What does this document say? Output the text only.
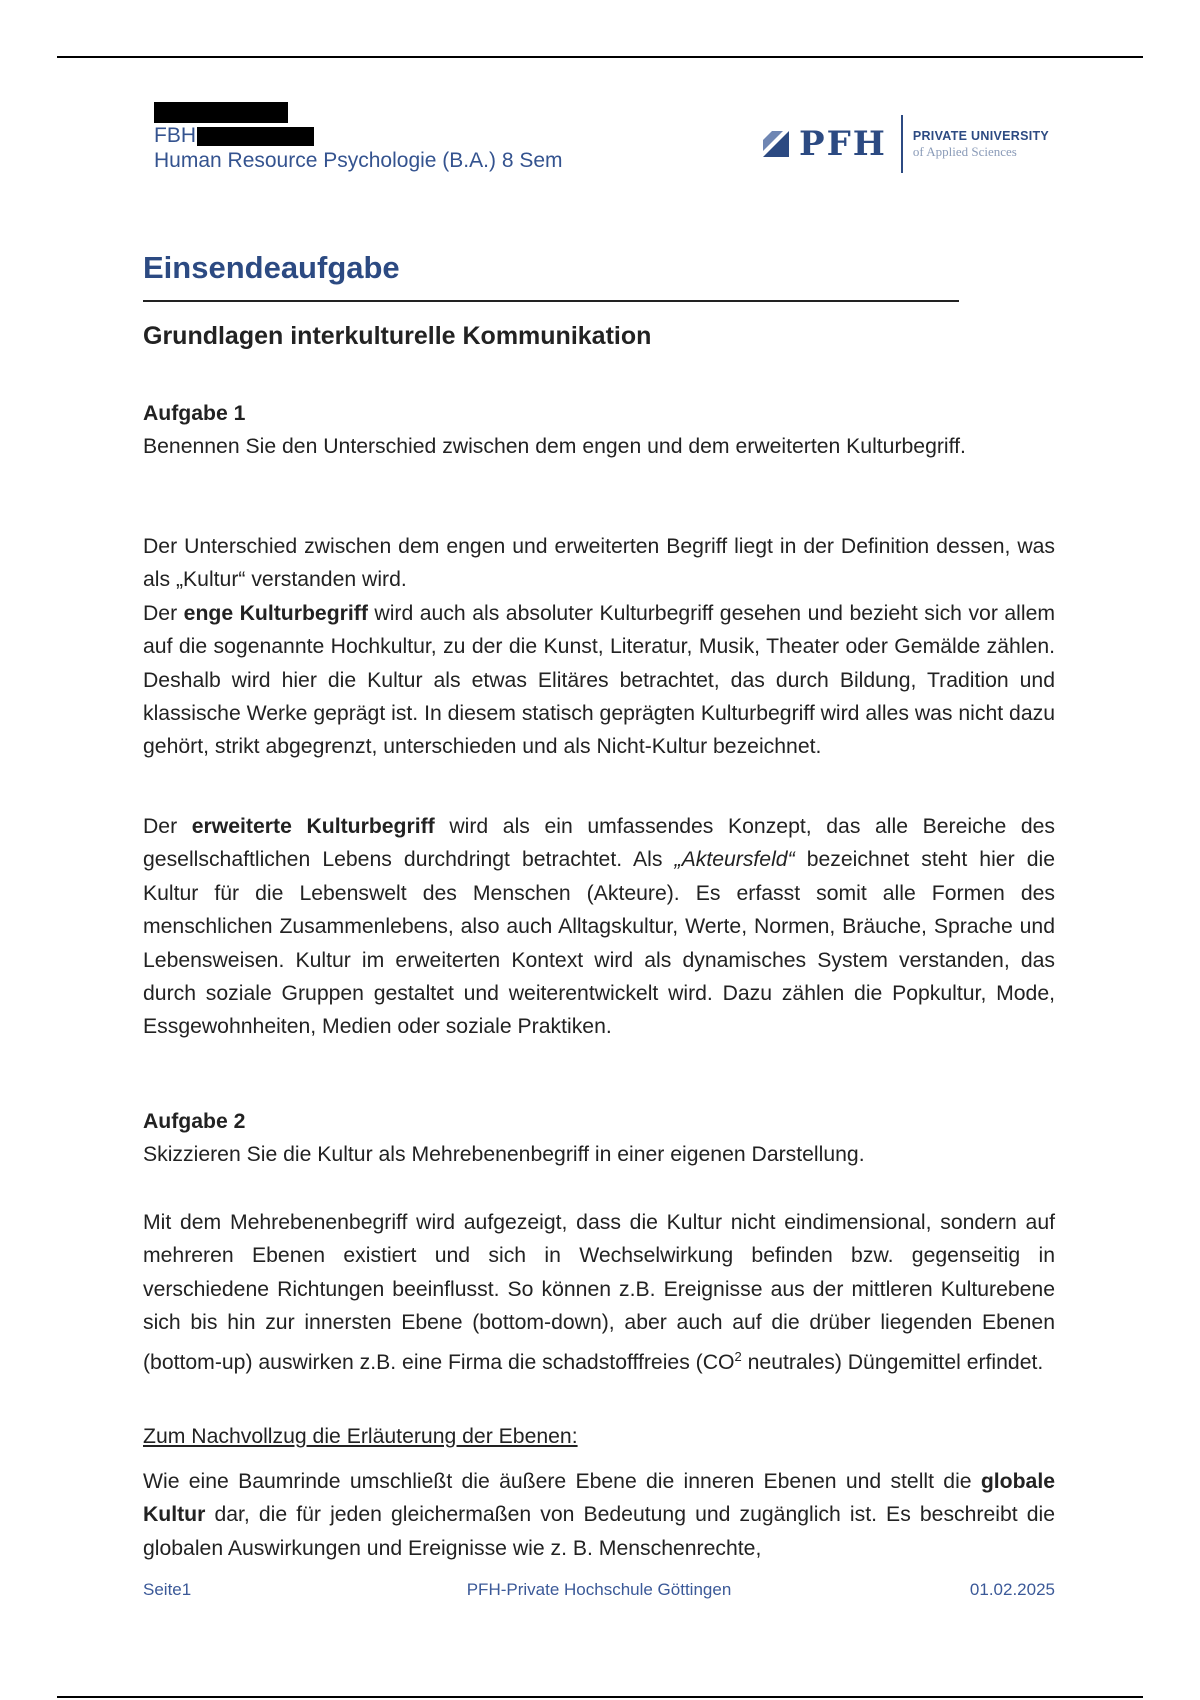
FBH
Human Resource Psychologie (B.A.) 8 Sem	PFH PRIVATE UNIVERSITY
of Applied Sciences
Einsendeaufgabe
Grundlagen interkulturelle Kommunikation

Aufgabe 1

Benennen Sie den Unterschied zwischen dem engen und dem erweiterten Kulturbegriff.

Der Unterschied zwischen dem engen und erweiterten Begriff liegt in der Definition dessen, was als „Kultur“ verstanden wird.

Der enge Kulturbegriff wird auch als absoluter Kulturbegriff gesehen und bezieht sich vor allem auf die sogenannte Hochkultur, zu der die Kunst, Literatur, Musik, Theater oder Gemälde zählen. Deshalb wird hier die Kultur als etwas Elitäres betrachtet, das durch Bildung, Tradition und klassische Werke geprägt ist. In diesem statisch geprägten Kulturbegriff wird alles was nicht dazu gehört, strikt abgegrenzt, unterschieden und als Nicht-Kultur bezeichnet.

Der erweiterte Kulturbegriff wird als ein umfassendes Konzept, das alle Bereiche des gesellschaftlichen Lebens durchdringt betrachtet. Als „Akteursfeld“ bezeichnet steht hier die Kultur für die Lebenswelt des Menschen (Akteure). Es erfasst somit alle Formen des menschlichen Zusammenlebens, also auch Alltagskultur, Werte, Normen, Bräuche, Sprache und Lebensweisen. Kultur im erweiterten Kontext wird als dynamisches System verstanden, das durch soziale Gruppen gestaltet und weiterentwickelt wird. Dazu zählen die Popkultur, Mode, Essgewohnheiten, Medien oder soziale Praktiken.

Aufgabe 2

Skizzieren Sie die Kultur als Mehrebenenbegriff in einer eigenen Darstellung.

Mit dem Mehrebenenbegriff wird aufgezeigt, dass die Kultur nicht eindimensional, sondern auf mehreren Ebenen existiert und sich in Wechselwirkung befinden bzw. gegenseitig in verschiedene Richtungen beeinflusst. So können z.B. Ereignisse aus der mittleren Kulturebene sich bis hin zur innersten Ebene (bottom-down), aber auch auf die drüber liegenden Ebenen (bottom-up) auswirken z.B. eine Firma die schadstofffreies ($CO^2$ neutrales) Düngemittel erfindet.

Zum Nachvollzug die Erläuterung der Ebenen:

Wie eine Baumrinde umschließt die äußere Ebene die inneren Ebenen und stellt die globale Kultur dar, die für jeden gleichermaßen von Bedeutung und zugänglich ist. Es beschreibt die globalen Auswirkungen und Ereignisse wie z. B. Menschenrechte,

Seite1	PFH-Private Hochschule Göttingen	01.02.2025
